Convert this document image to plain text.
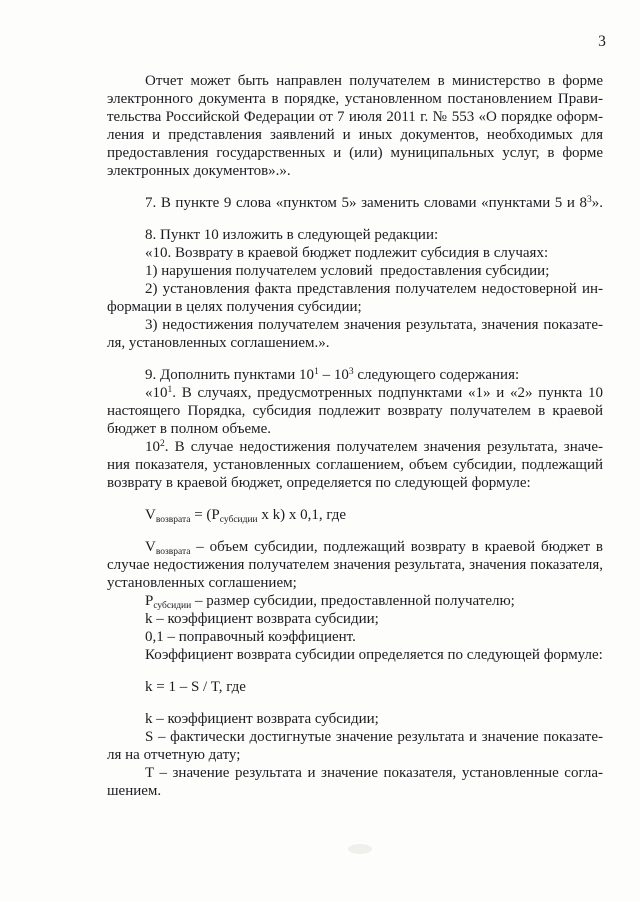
3
Отчет может быть направлен получателем в министерство в форме
электронного документа в порядке, установленном постановлением Прави-
тельства Российской Федерации от 7 июля 2011 г. № 553 «О порядке оформ-
ления и представления заявлений и иных документов, необходимых для
предоставления государственных и (или) муниципальных услуг, в форме
электронных документов».».
7. В пункте 9 слова «пунктом 5» заменить словами «пунктами 5 и $8^3$».
8. Пункт 10 изложить в следующей редакции:
«10. Возврату в краевой бюджет подлежит субсидия в случаях:
1) нарушения получателем условий  предоставления субсидии;
2) установления факта представления получателем недостоверной ин-
формации в целях получения субсидии;
3) недостижения получателем значения результата, значения показате-
ля, установленных соглашением.».
9. Дополнить пунктами $10^1 - 10^3$ следующего содержания:
«$10^1$. В случаях, предусмотренных подпунктами «1» и «2» пункта 10
настоящего Порядка, субсидия подлежит возврату получателем в краевой
бюджет в полном объеме.
$10^2$. В случае недостижения получателем значения результата, значе-
ния показателя, установленных соглашением, объем субсидии, подлежащий
возврату в краевой бюджет, определяется по следующей формуле:
$V_{возврата} = (P_{субсидии}$ x k) x 0,1, где
$V_{возврата}$ – объем субсидии, подлежащий возврату в краевой бюджет в
случае недостижения получателем значения результата, значения показателя,
установленных соглашением;
$P_{субсидии}$ – размер субсидии, предоставленной получателю;
k – коэффициент возврата субсидии;
0,1 – поправочный коэффициент.
Коэффициент возврата субсидии определяется по следующей формуле:
k = 1 – S / T, где
k – коэффициент возврата субсидии;
S – фактически достигнутые значение результата и значение показате-
ля на отчетную дату;
T – значение результата и значение показателя, установленные согла-
шением.
